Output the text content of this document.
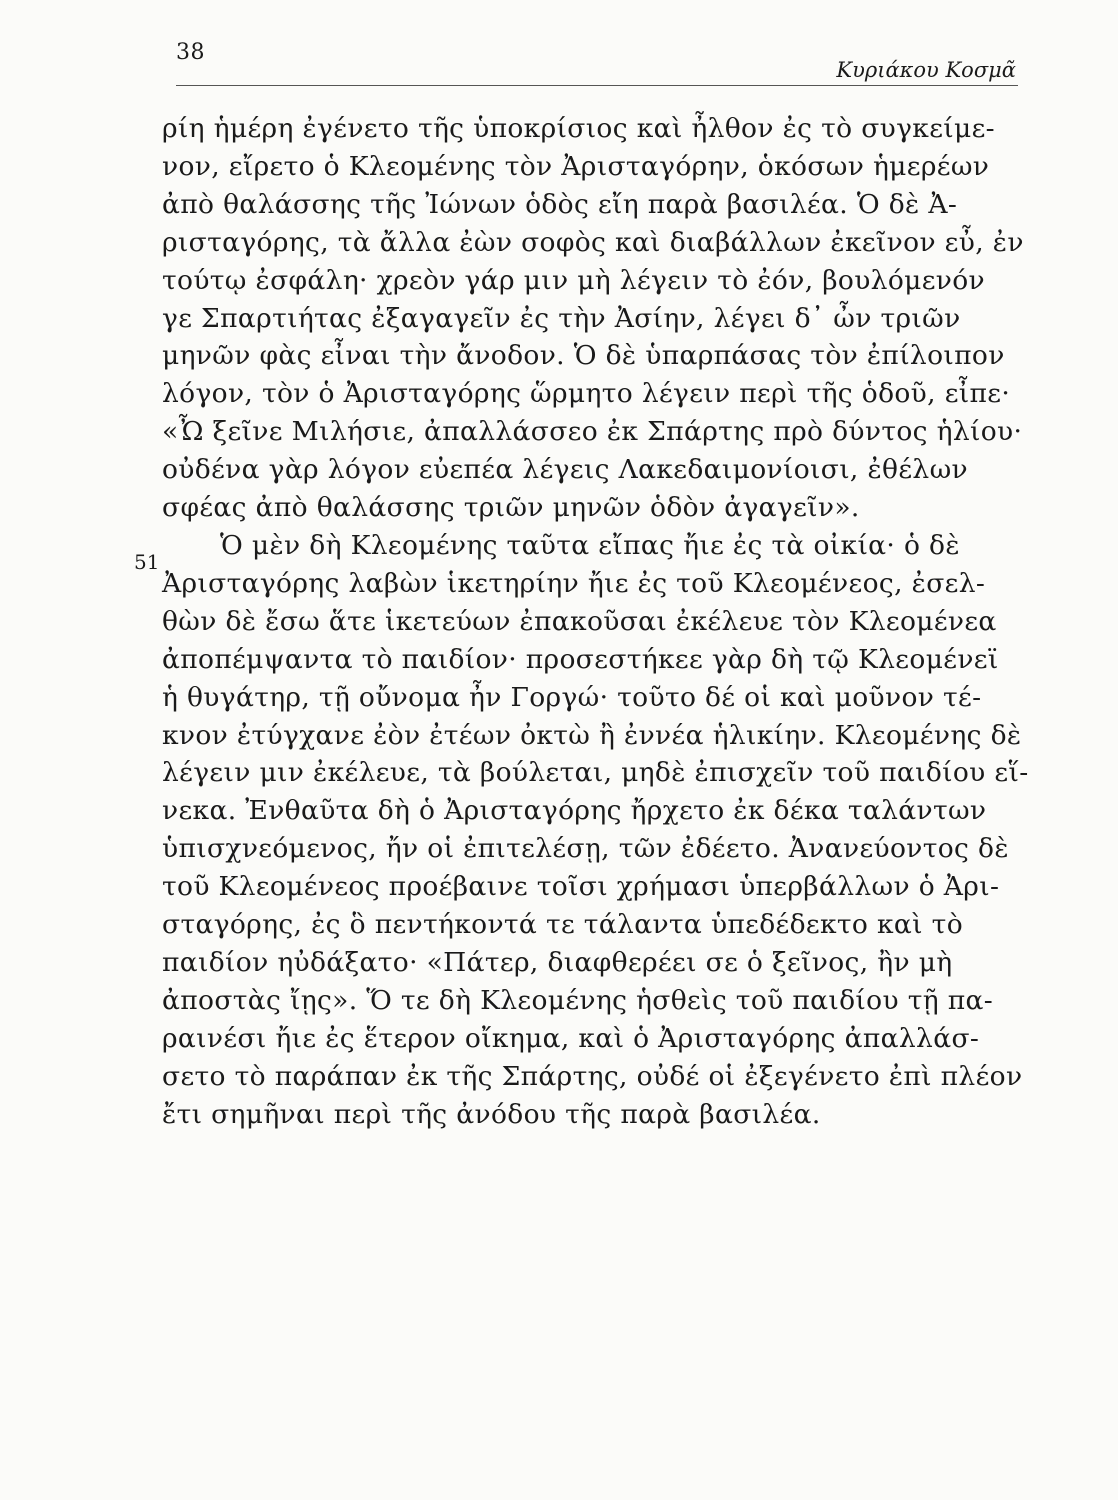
38
Κυριάκου Κοσμᾶ
51
ρίη ἡμέρη ἐγένετο τῆς ὑποκρίσιος καὶ ἦλθον ἐς τὸ συγκείμε-
νον, εἴρετο ὁ Κλεομένης τὸν Ἀρισταγόρην, ὁκόσων ἡμερέων
ἀπὸ θαλάσσης τῆς Ἰώνων ὁδὸς εἴη παρὰ βασιλέα. Ὁ δὲ Ἀ-
ρισταγόρης, τὰ ἄλλα ἐὼν σοφὸς καὶ διαβάλλων ἐκεῖνον εὖ, ἐν
τούτῳ ἐσφάλη· χρεὸν γάρ μιν μὴ λέγειν τὸ ἐόν, βουλόμενόν
γε Σπαρτιήτας ἐξαγαγεῖν ἐς τὴν Ἀσίην, λέγει δ᾽ ὦν τριῶν
μηνῶν φὰς εἶναι τὴν ἄνοδον. Ὁ δὲ ὑπαρπάσας τὸν ἐπίλοιπον
λόγον, τὸν ὁ Ἀρισταγόρης ὥρμητο λέγειν περὶ τῆς ὁδοῦ, εἶπε·
«Ὦ ξεῖνε Μιλήσιε, ἀπαλλάσσεο ἐκ Σπάρτης πρὸ δύντος ἡλίου·
οὐδένα γὰρ λόγον εὐεπέα λέγεις Λακεδαιμονίοισι, ἐθέλων
σφέας ἀπὸ θαλάσσης τριῶν μηνῶν ὁδὸν ἀγαγεῖν».
Ὁ μὲν δὴ Κλεομένης ταῦτα εἴπας ἤιε ἐς τὰ οἰκία· ὁ δὲ
Ἀρισταγόρης λαβὼν ἱκετηρίην ἤιε ἐς τοῦ Κλεομένεος, ἐσελ-
θὼν δὲ ἔσω ἅτε ἱκετεύων ἐπακοῦσαι ἐκέλευε τὸν Κλεομένεα
ἀποπέμψαντα τὸ παιδίον· προσεστήκεε γὰρ δὴ τῷ Κλεομένεϊ
ἡ θυγάτηρ, τῇ οὔνομα ἦν Γοργώ· τοῦτο δέ οἱ καὶ μοῦνον τέ-
κνον ἐτύγχανε ἐὸν ἐτέων ὀκτὼ ἢ ἐννέα ἡλικίην. Κλεομένης δὲ
λέγειν μιν ἐκέλευε, τὰ βούλεται, μηδὲ ἐπισχεῖν τοῦ παιδίου εἵ-
νεκα. Ἐνθαῦτα δὴ ὁ Ἀρισταγόρης ἤρχετο ἐκ δέκα ταλάντων
ὑπισχνεόμενος, ἤν οἱ ἐπιτελέσῃ, τῶν ἐδέετο. Ἀνανεύοντος δὲ
τοῦ Κλεομένεος προέβαινε τοῖσι χρήμασι ὑπερβάλλων ὁ Ἀρι-
σταγόρης, ἐς ὃ πεντήκοντά τε τάλαντα ὑπεδέδεκτο καὶ τὸ
παιδίον ηὐδάξατο· «Πάτερ, διαφθερέει σε ὁ ξεῖνος, ἢν μὴ
ἀποστὰς ἴῃς». Ὅ τε δὴ Κλεομένης ἡσθεὶς τοῦ παιδίου τῇ πα-
ραινέσι ἤιε ἐς ἕτερον οἴκημα, καὶ ὁ Ἀρισταγόρης ἀπαλλάσ-
σετο τὸ παράπαν ἐκ τῆς Σπάρτης, οὐδέ οἱ ἐξεγένετο ἐπὶ πλέον
ἔτι σημῆναι περὶ τῆς ἀνόδου τῆς παρὰ βασιλέα.
